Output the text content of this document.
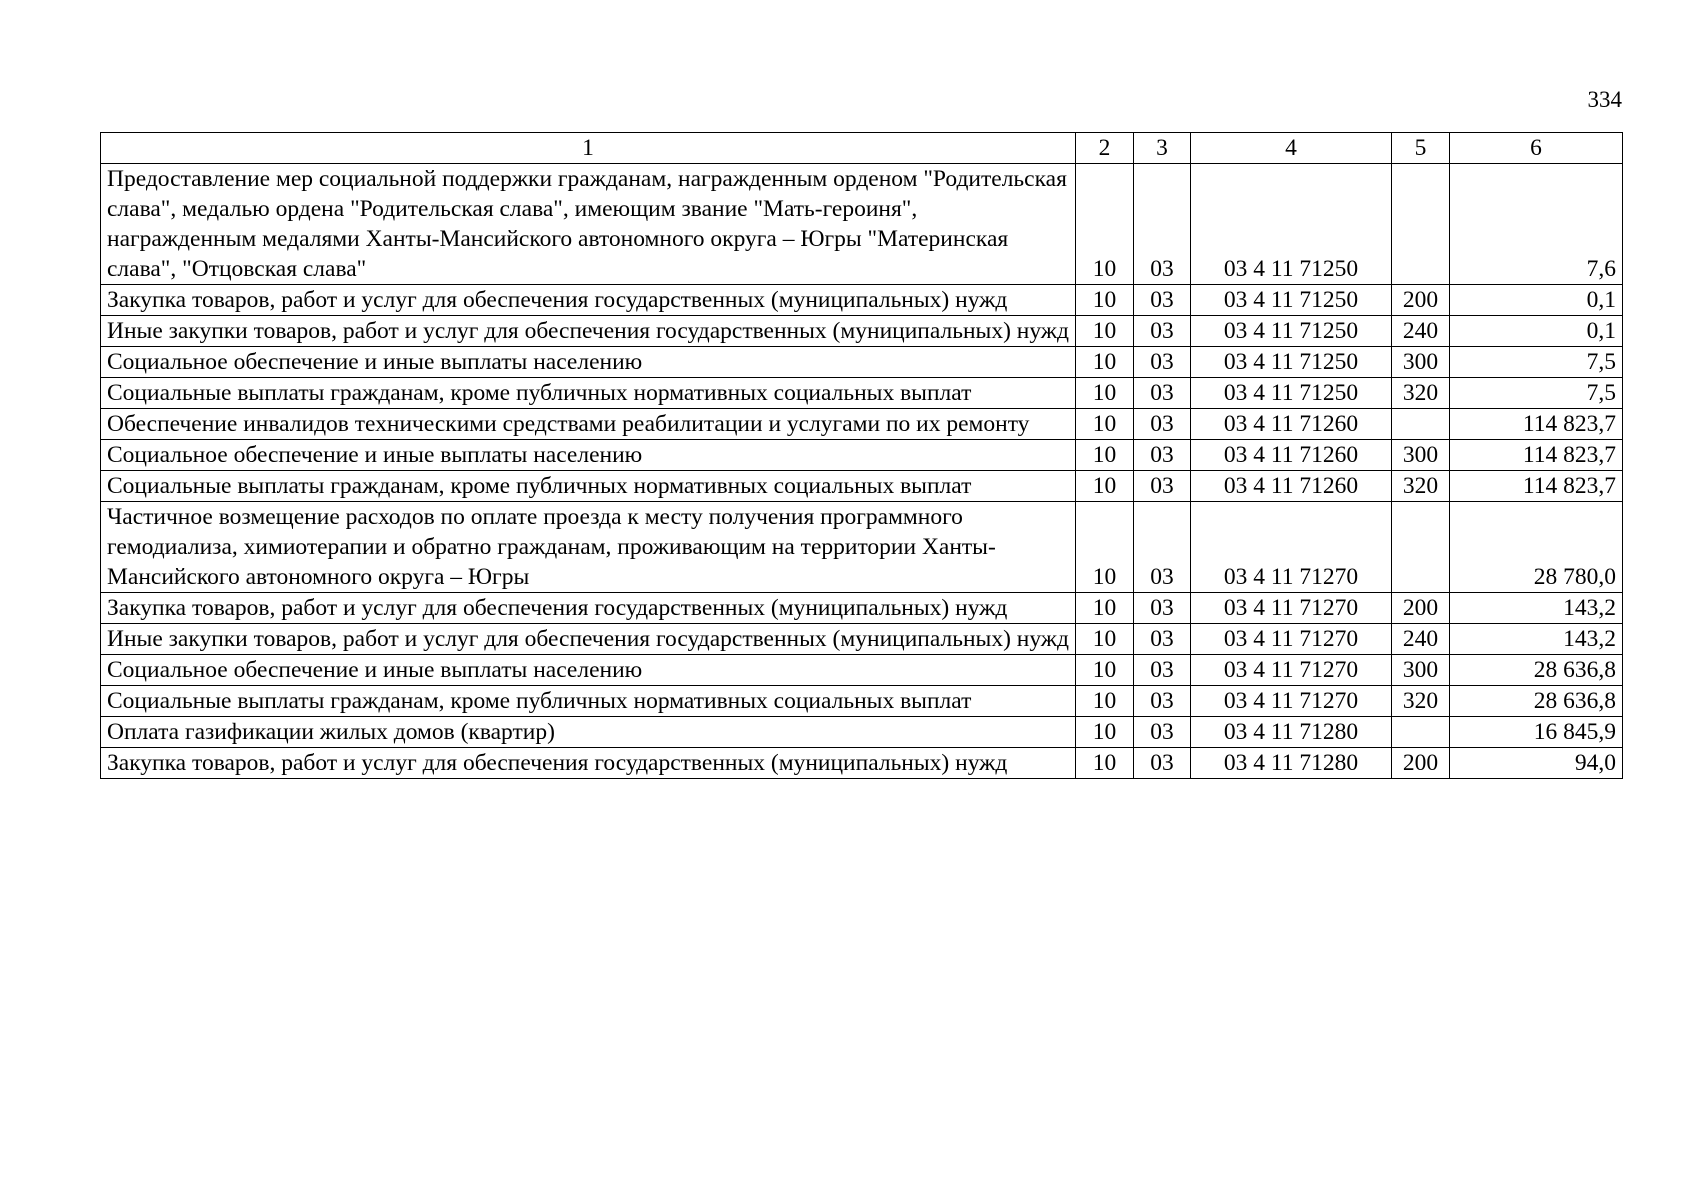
334
1	2	3	4	5	6
Предоставление мер социальной поддержки гражданам, награжденным орденом "Родительская слава", медалью ордена "Родительская слава", имеющим звание "Мать-героиня", награжденным медалями Ханты-Мансийского автономного округа – Югры "Материнская слава", "Отцовская слава"	10	03	03 4 11 71250		7,6
Закупка товаров, работ и услуг для обеспечения государственных (муниципальных) нужд	10	03	03 4 11 71250	200	0,1
Иные закупки товаров, работ и услуг для обеспечения государственных (муниципальных) нужд	10	03	03 4 11 71250	240	0,1
Социальное обеспечение и иные выплаты населению	10	03	03 4 11 71250	300	7,5
Социальные выплаты гражданам, кроме публичных нормативных социальных выплат	10	03	03 4 11 71250	320	7,5
Обеспечение инвалидов техническими средствами реабилитации и услугами по их ремонту	10	03	03 4 11 71260		114 823,7
Социальное обеспечение и иные выплаты населению	10	03	03 4 11 71260	300	114 823,7
Социальные выплаты гражданам, кроме публичных нормативных социальных выплат	10	03	03 4 11 71260	320	114 823,7
Частичное возмещение расходов по оплате проезда к месту получения программного гемодиализа, химиотерапии и обратно гражданам, проживающим на территории Ханты-Мансийского автономного округа – Югры	10	03	03 4 11 71270		28 780,0
Закупка товаров, работ и услуг для обеспечения государственных (муниципальных) нужд	10	03	03 4 11 71270	200	143,2
Иные закупки товаров, работ и услуг для обеспечения государственных (муниципальных) нужд	10	03	03 4 11 71270	240	143,2
Социальное обеспечение и иные выплаты населению	10	03	03 4 11 71270	300	28 636,8
Социальные выплаты гражданам, кроме публичных нормативных социальных выплат	10	03	03 4 11 71270	320	28 636,8
Оплата газификации жилых домов (квартир)	10	03	03 4 11 71280		16 845,9
Закупка товаров, работ и услуг для обеспечения государственных (муниципальных) нужд	10	03	03 4 11 71280	200	94,0
